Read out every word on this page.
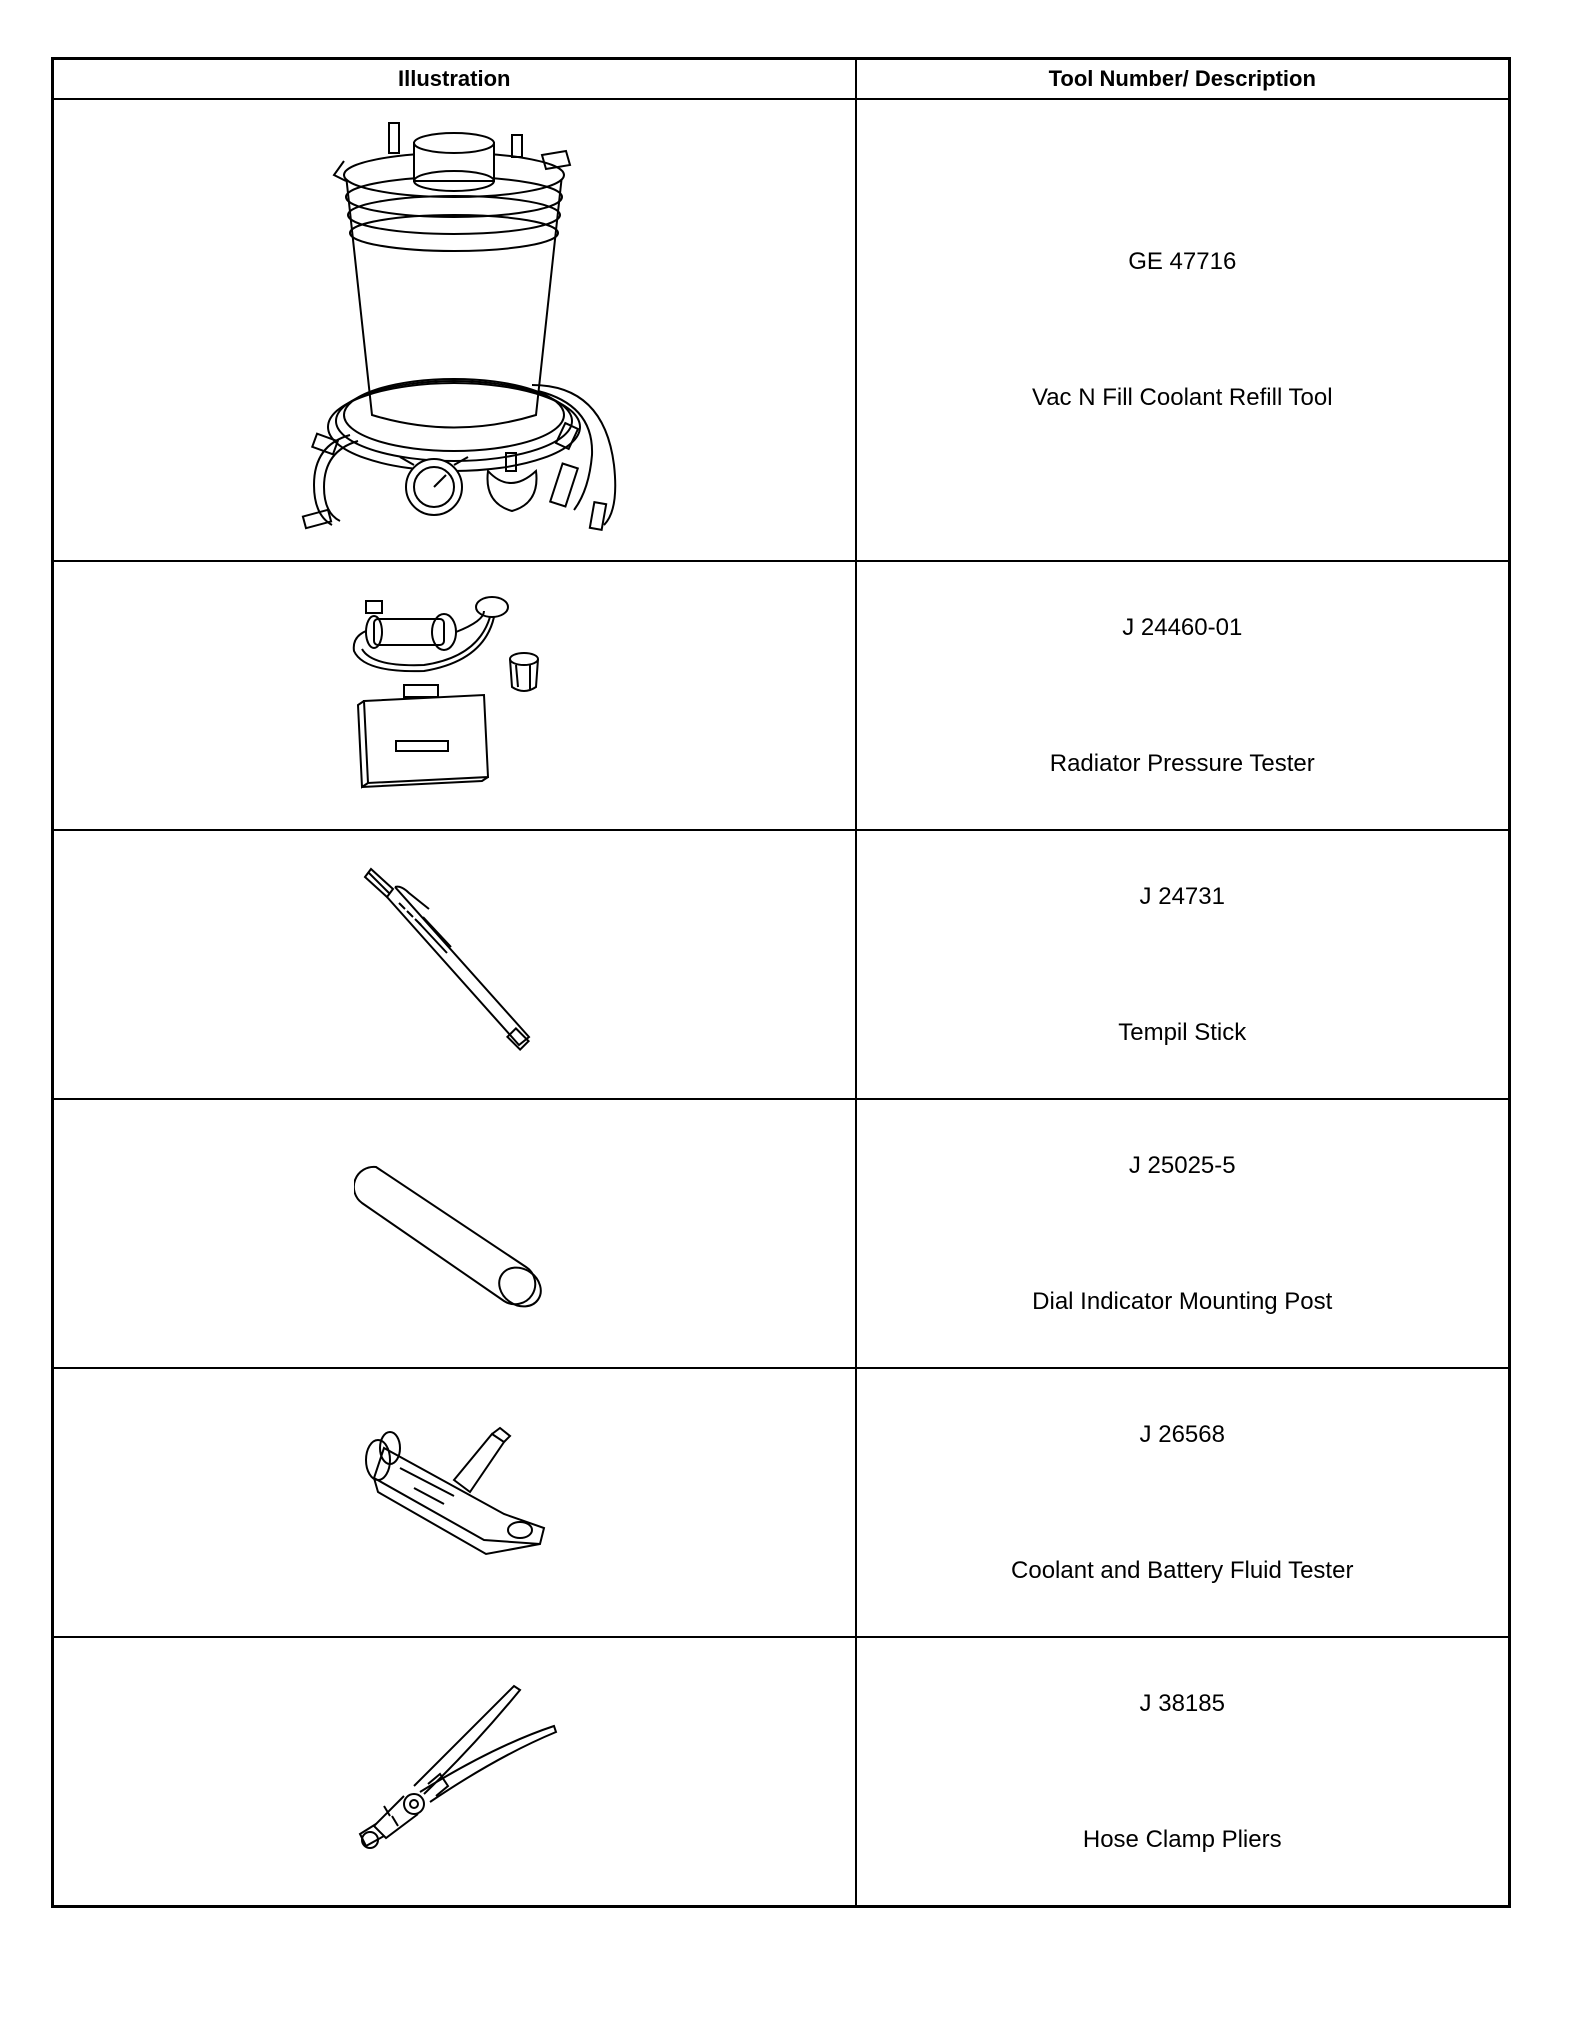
Illustration	Tool Number/ Description

GE 47716
Vac N Fill Coolant Refill Tool

J 24460-01
Radiator Pressure Tester

J 24731
Tempil Stick

J 25025-5
Dial Indicator Mounting Post

J 26568
Coolant and Battery Fluid Tester

J 38185
Hose Clamp Pliers
